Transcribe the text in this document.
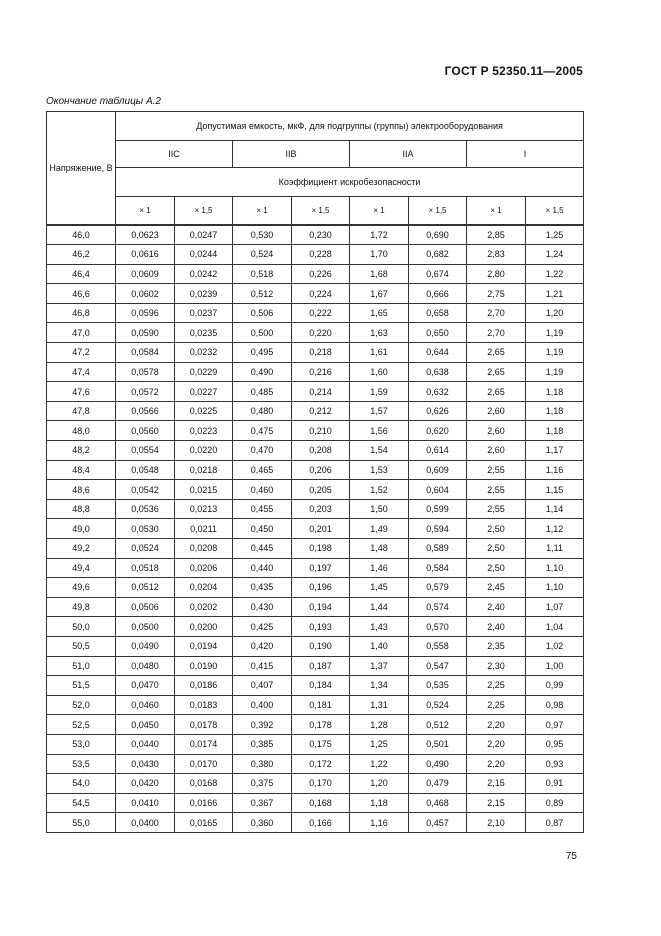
ГОСТ Р 52350.11—2005
Окончание таблицы А.2
Напряжение, В	Допустимая емкость, мкФ, для подгруппы (группы) электрооборудования							
	IIC		IIB		IIA		I	
	Коэффициент искробезопасности							
	× 1	× 1,5	× 1	× 1,5	× 1	× 1,5	× 1	× 1,5
46,0	0,0623	0,0247	0,530	0,230	1,72	0,690	2,85	1,25
46,2	0,0616	0,0244	0,524	0,228	1,70	0,682	2,83	1,24
46,4	0,0609	0,0242	0,518	0,226	1,68	0,674	2,80	1,22
46,6	0,0602	0,0239	0,512	0,224	1,67	0,666	2,75	1,21
46,8	0,0596	0,0237	0,506	0,222	1,65	0,658	2,70	1,20
47,0	0,0590	0,0235	0,500	0,220	1,63	0,650	2,70	1,19
47,2	0,0584	0,0232	0,495	0,218	1,61	0,644	2,65	1,19
47,4	0,0578	0,0229	0,490	0,216	1,60	0,638	2,65	1,19
47,6	0,0572	0,0227	0,485	0,214	1,59	0,632	2,65	1,18
47,8	0,0566	0,0225	0,480	0,212	1,57	0,626	2,60	1,18
48,0	0,0560	0,0223	0,475	0,210	1,56	0,620	2,60	1,18
48,2	0,0554	0,0220	0,470	0,208	1,54	0,614	2,60	1,17
48,4	0,0548	0,0218	0,465	0,206	1,53	0,609	2,55	1,16
48,6	0,0542	0,0215	0,460	0,205	1,52	0,604	2,55	1,15
48,8	0,0536	0,0213	0,455	0,203	1,50	0,599	2,55	1,14
49,0	0,0530	0,0211	0,450	0,201	1,49	0,594	2,50	1,12
49,2	0,0524	0,0208	0,445	0,198	1,48	0,589	2,50	1,11
49,4	0,0518	0,0206	0,440	0,197	1,46	0,584	2,50	1,10
49,6	0,0512	0,0204	0,435	0,196	1,45	0,579	2,45	1,10
49,8	0,0506	0,0202	0,430	0,194	1,44	0,574	2,40	1,07
50,0	0,0500	0,0200	0,425	0,193	1,43	0,570	2,40	1,04
50,5	0,0490	0,0194	0,420	0,190	1,40	0,558	2,35	1,02
51,0	0,0480	0,0190	0,415	0,187	1,37	0,547	2,30	1,00
51,5	0,0470	0,0186	0,407	0,184	1,34	0,535	2,25	0,99
52,0	0,0460	0,0183	0,400	0,181	1,31	0,524	2,25	0,98
52,5	0,0450	0,0178	0,392	0,178	1,28	0,512	2,20	0,97
53,0	0,0440	0,0174	0,385	0,175	1,25	0,501	2,20	0,95
53,5	0,0430	0,0170	0,380	0,172	1,22	0,490	2,20	0,93
54,0	0,0420	0,0168	0,375	0,170	1,20	0,479	2,15	0,91
54,5	0,0410	0,0166	0,367	0,168	1,18	0,468	2,15	0,89
55,0	0,0400	0,0165	0,360	0,166	1,16	0,457	2,10	0,87
75
